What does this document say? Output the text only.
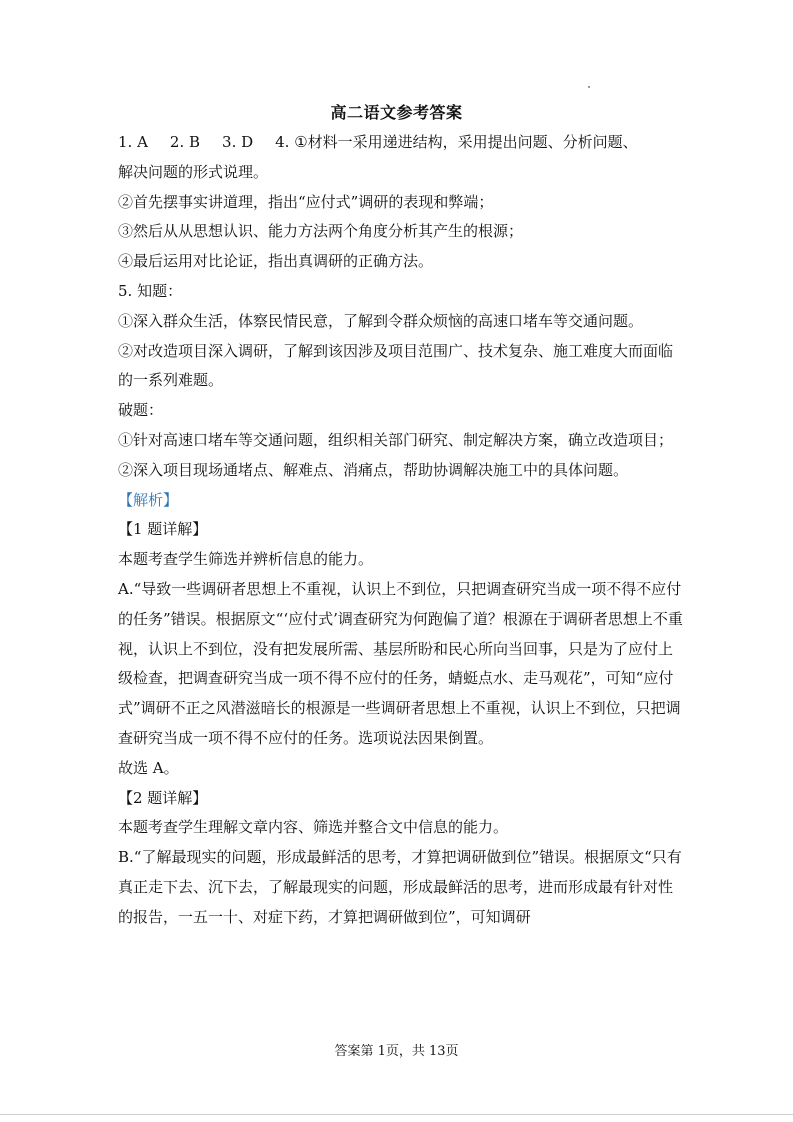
高二语文参考答案

1. A 2. B 3. D 4. ①材料一采用递进结构，采用提出问题、分析问题、

解决问题的形式说理。

②首先摆事实讲道理，指出“应付式”调研的表现和弊端；

③然后从从思想认识、能力方法两个角度分析其产生的根源；

④最后运用对比论证，指出真调研的正确方法。

5. 知题：

①深入群众生活，体察民情民意，了解到令群众烦恼的高速口堵车等交通问题。

②对改造项目深入调研，了解到该因涉及项目范围广、技术复杂、施工难度大而面临的一系列难题。

破题：

①针对高速口堵车等交通问题，组织相关部门研究、制定解决方案，确立改造项目；

②深入项目现场通堵点、解难点、消痛点，帮助协调解决施工中的具体问题。

【解析】

【1 题详解】

本题考查学生筛选并辨析信息的能力。

A.“导致一些调研者思想上不重视，认识上不到位，只把调查研究当成一项不得不应付的任务”错误。根据原文“‘应付式’调查研究为何跑偏了道？根源在于调研者思想上不重视，认识上不到位，没有把发展所需、基层所盼和民心所向当回事，只是为了应付上级检查，把调查研究当成一项不得不应付的任务，蜻蜓点水、走马观花”，可知“应付式”调研不正之风潜滋暗长的根源是一些调研者思想上不重视，认识上不到位，只把调查研究当成一项不得不应付的任务。选项说法因果倒置。

故选 A。

【2 题详解】

本题考查学生理解文章内容、筛选并整合文中信息的能力。

B.“了解最现实的问题，形成最鲜活的思考，才算把调研做到位”错误。根据原文“只有真正走下去、沉下去，了解最现实的问题，形成最鲜活的思考，进而形成最有针对性的报告，一五一十、对症下药，才算把调研做到位”，可知调研

答案第 1页，共 13页
